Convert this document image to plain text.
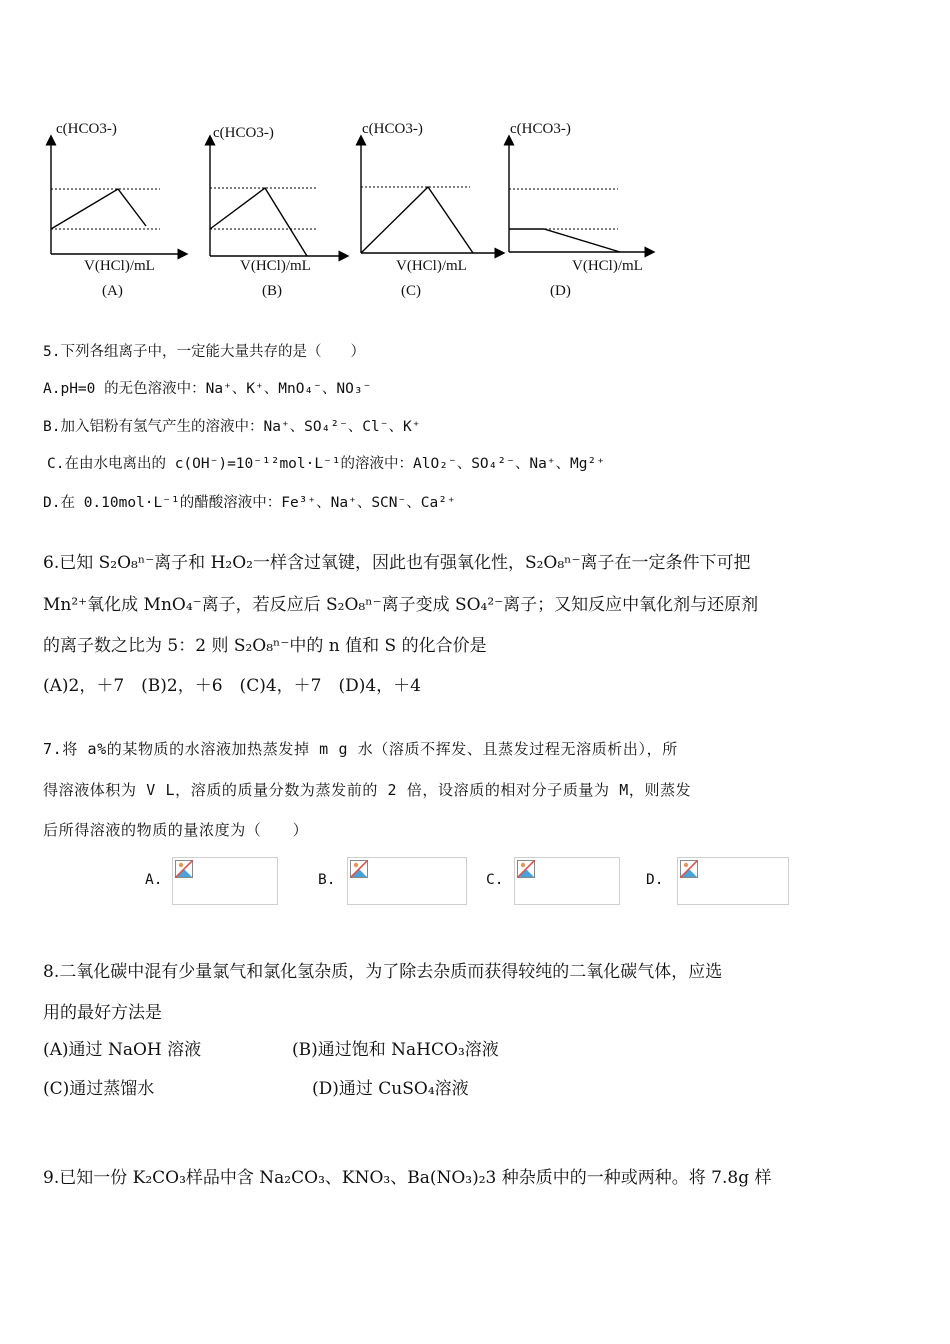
c(HCO3-)
V(HCl)/mL
(A)
c(HCO3-)
V(HCl)/mL
(B)
c(HCO3-)
V(HCl)/mL
(C)
c(HCO3-)
V(HCl)/mL
(D)
5.下列各组离子中，一定能大量共存的是（　　）
A.pH=0 的无色溶液中：Na⁺、K⁺、MnO₄⁻、NO₃⁻
B.加入铝粉有氢气产生的溶液中：Na⁺、SO₄²⁻、Cl⁻、K⁺
C.在由水电离出的 c(OH⁻)=10⁻¹²mol·L⁻¹的溶液中：AlO₂⁻、SO₄²⁻、Na⁺、Mg²⁺
D.在 0.10mol·L⁻¹的醋酸溶液中：Fe³⁺、Na⁺、SCN⁻、Ca²⁺
6.已知 S₂O₈ⁿ⁻离子和 H₂O₂一样含过氧键，因此也有强氧化性，S₂O₈ⁿ⁻离子在一定条件下可把
Mn²⁺氧化成 MnO₄⁻离子，若反应后 S₂O₈ⁿ⁻离子变成 SO₄²⁻离子；又知反应中氧化剂与还原剂
的离子数之比为 5：2 则 S₂O₈ⁿ⁻中的 n 值和 S 的化合价是
(A)2，＋7　(B)2，＋6　(C)4，＋7　(D)4，＋4
7.将 a%的某物质的水溶液加热蒸发掉 m g 水（溶质不挥发、且蒸发过程无溶质析出），所
得溶液体积为 V L，溶质的质量分数为蒸发前的 2 倍，设溶质的相对分子质量为 M，则蒸发
后所得溶液的物质的量浓度为（　　）
A.	B.	C.	D.
8.二氧化碳中混有少量氯气和氯化氢杂质，为了除去杂质而获得较纯的二氧化碳气体，应选
用的最好方法是
(A)通过 NaOH 溶液	(B)通过饱和 NaHCO₃溶液
(C)通过蒸馏水	(D)通过 CuSO₄溶液
9.已知一份 K₂CO₃样品中含 Na₂CO₃、KNO₃、Ba(NO₃)₂3 种杂质中的一种或两种。将 7.8g 样
